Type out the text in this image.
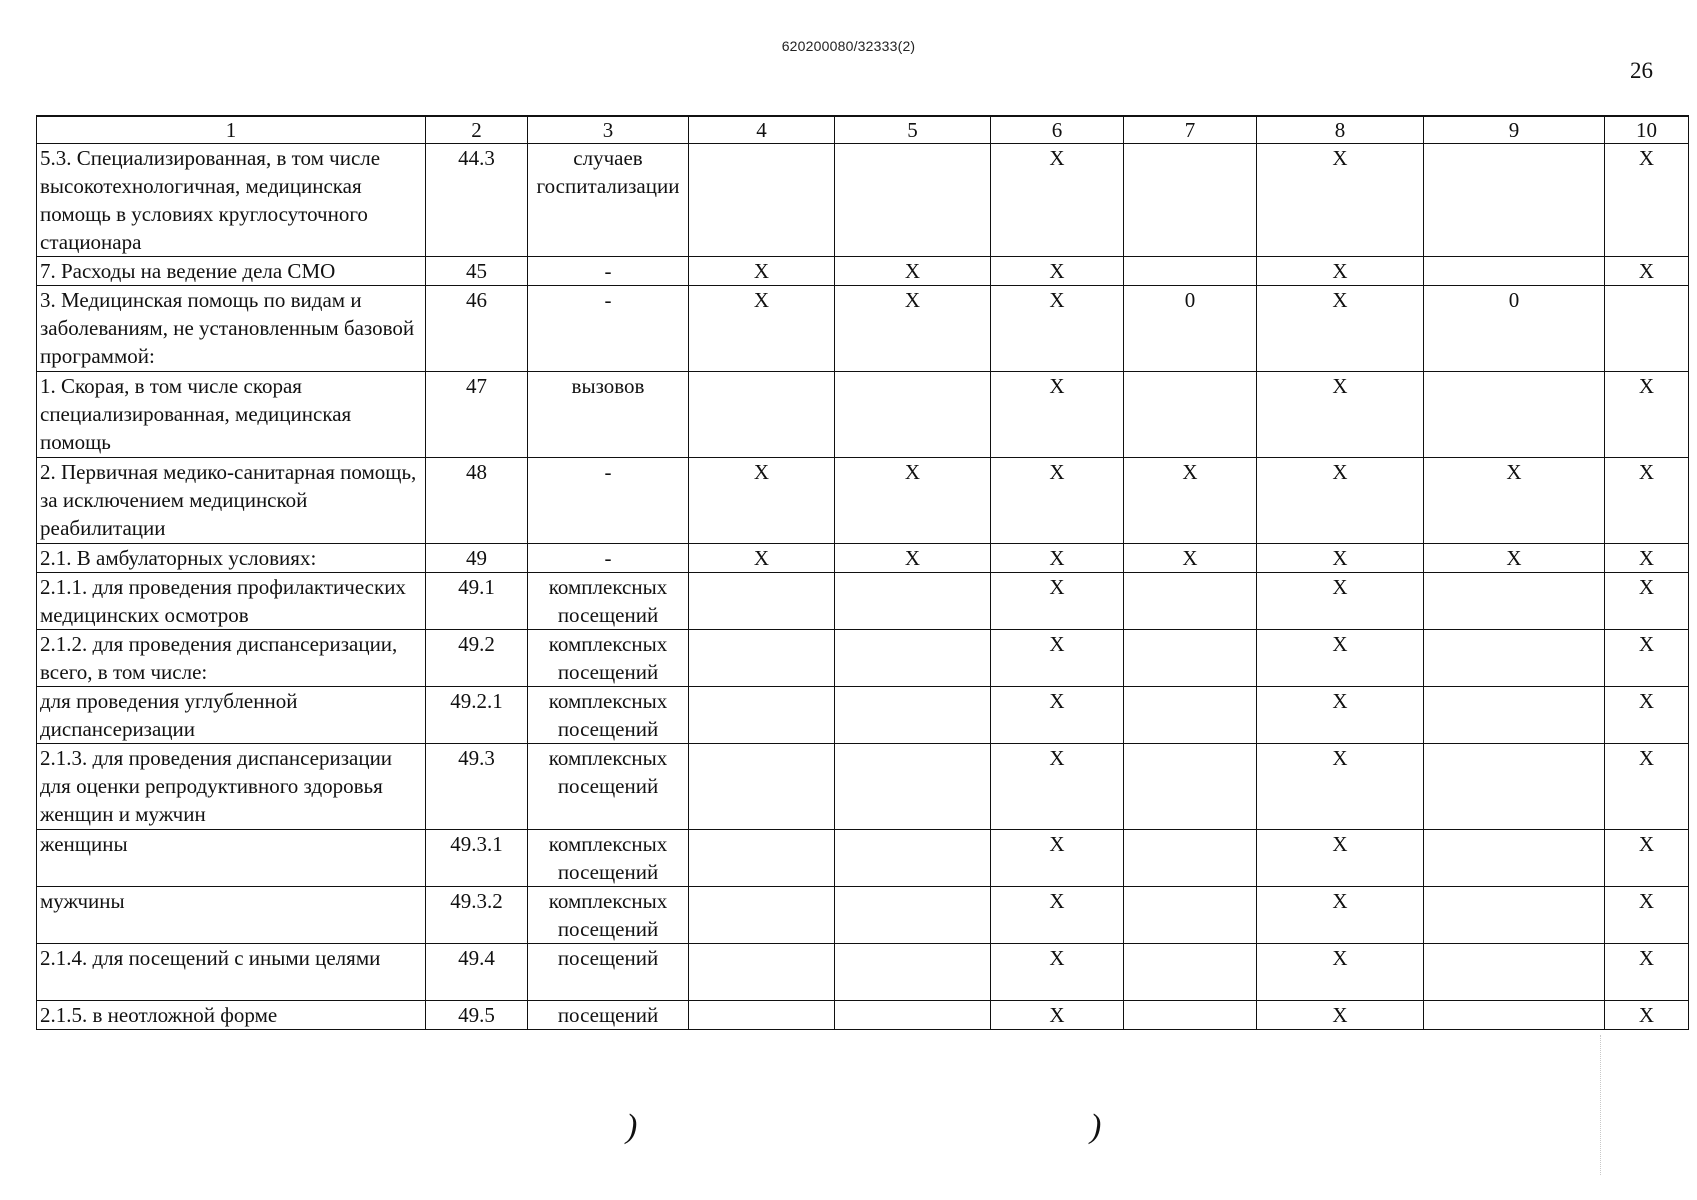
620200080/32333(2)
26
1	2	3	4	5	6	7	8	9	10
5.3. Специализированная, в том числе высокотехнологичная, медицинская помощь в условиях круглосуточного стационара	44.3	случаев госпитализации			X		X		X
7. Расходы на ведение дела СМО	45	-	X	X	X		X		X
3. Медицинская помощь по видам и заболеваниям, не установленным базовой программой:	46	-	X	X	X	0	X	0	
1. Скорая, в том числе скорая специализированная, медицинская помощь	47	вызовов			X		X		X
2. Первичная медико-санитарная помощь, за исключением медицинской реабилитации	48	-	X	X	X	X	X	X	X
2.1. В амбулаторных условиях:	49	-	X	X	X	X	X	X	X
2.1.1. для проведения профилактических медицинских осмотров	49.1	комплексных посещений			X		X		X
2.1.2. для проведения диспансеризации, всего, в том числе:	49.2	комплексных посещений			X		X		X
для проведения углубленной диспансеризации	49.2.1	комплексных посещений			X		X		X
2.1.3. для проведения диспансеризации для оценки репродуктивного здоровья женщин и мужчин	49.3	комплексных посещений			X		X		X
женщины	49.3.1	комплексных посещений			X		X		X
мужчины	49.3.2	комплексных посещений			X		X		X
2.1.4. для посещений с иными целями	49.4	посещений			X		X		X
2.1.5. в неотложной форме	49.5	посещений			X		X		X
)	)
